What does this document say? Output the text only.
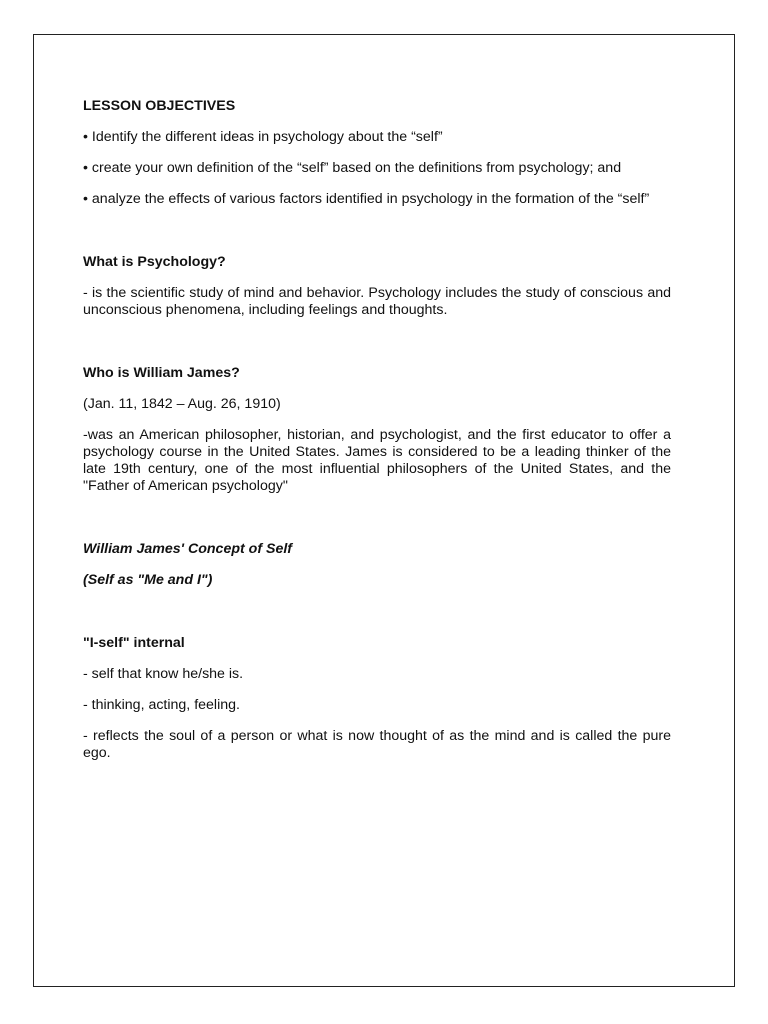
LESSON OBJECTIVES

• Identify the different ideas in psychology about the “self”

• create your own definition of the “self” based on the definitions from psychology; and

• analyze the effects of various factors identified in psychology in the formation of the “self”

What is Psychology?

- is the scientific study of mind and behavior. Psychology includes the study of conscious and unconscious phenomena, including feelings and thoughts.

Who is William James?

(Jan. 11, 1842 – Aug. 26, 1910)

-was an American philosopher, historian, and psychologist, and the first educator to offer a psychology course in the United States. James is considered to be a leading thinker of the late 19th century, one of the most influential philosophers of the United States, and the "Father of American psychology"

William James' Concept of Self

(Self as "Me and I")

"I-self" internal

- self that know he/she is.

- thinking, acting, feeling.

- reflects the soul of a person or what is now thought of as the mind and is called the pure ego.
